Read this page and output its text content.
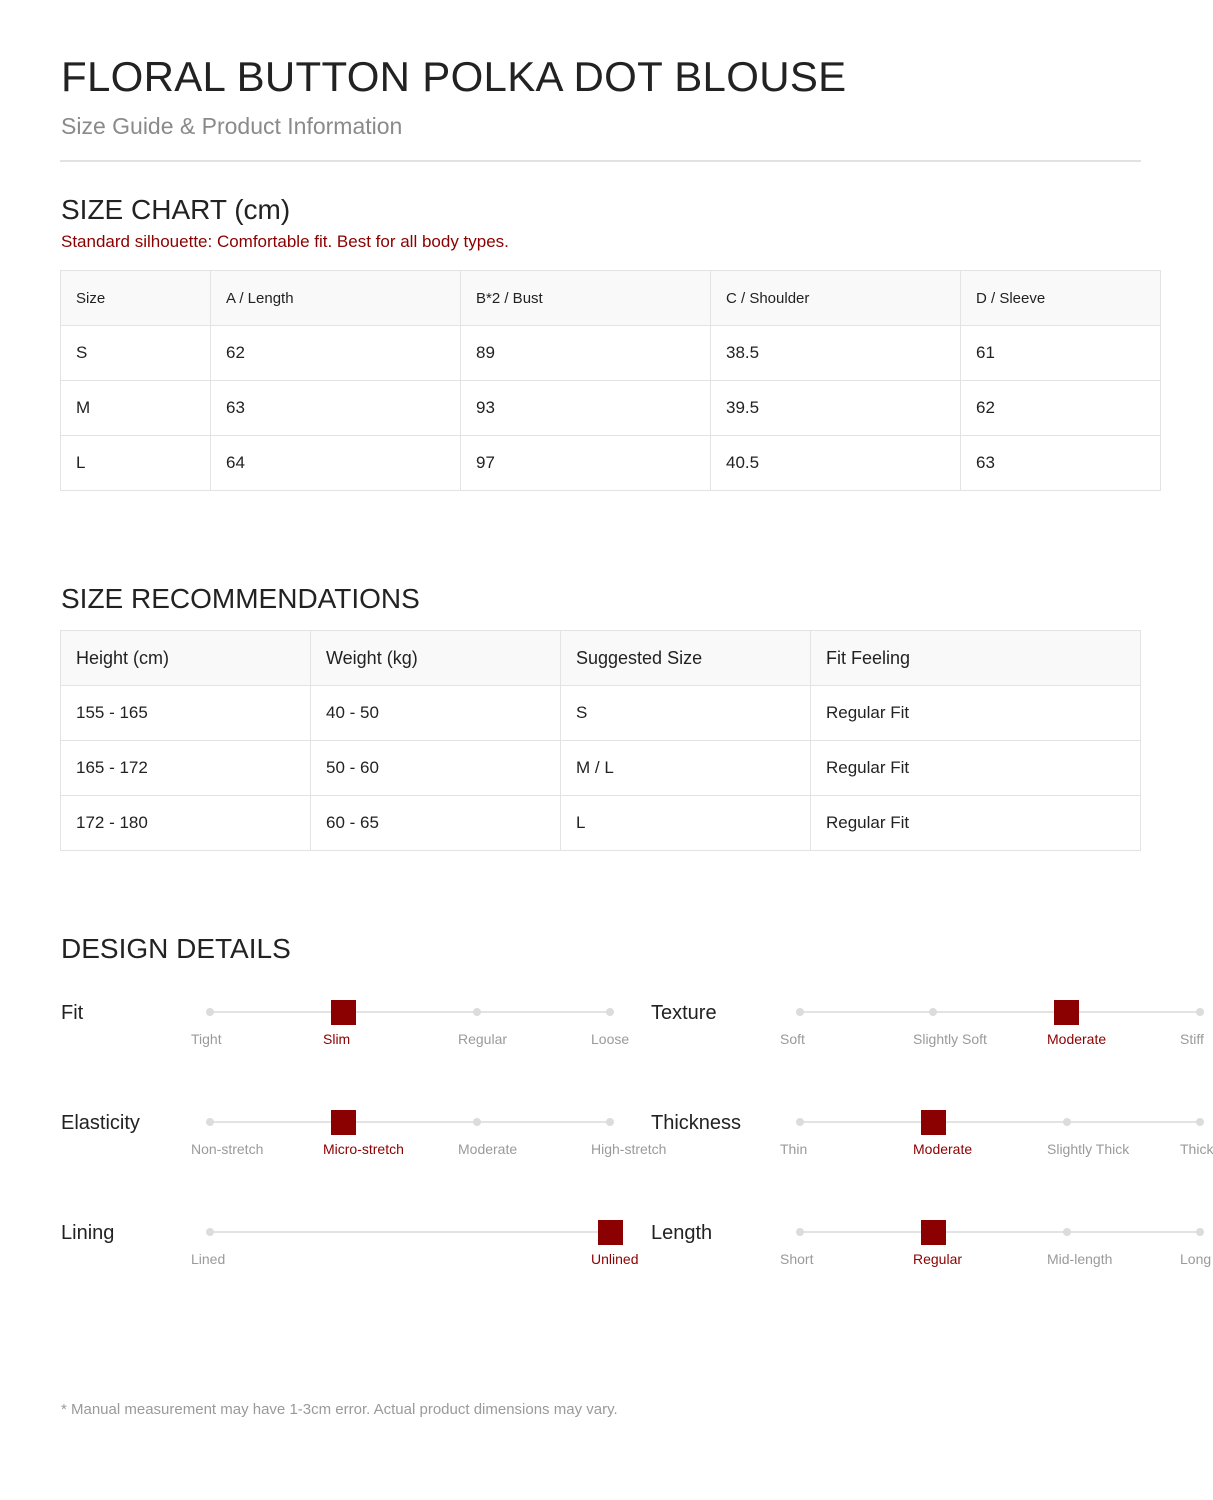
FLORAL BUTTON POLKA DOT BLOUSE

Size Guide & Product Information

SIZE CHART (cm)

Standard silhouette: Comfortable fit. Best for all body types.

Size	A / Length	B*2 / Bust	C / Shoulder	D / Sleeve
S	62	89	38.5	61
M	63	93	39.5	62
L	64	97	40.5	63
SIZE RECOMMENDATIONS
Height (cm)	Weight (kg)	Suggested Size	Fit Feeling
155 - 165	40 - 50	S	Regular Fit
165 - 172	50 - 60	M / L	Regular Fit
172 - 180	60 - 65	L	Regular Fit
DESIGN DETAILS
Fit
Tight	Slim	Regular	Loose
Texture
Soft	Slightly Soft	Moderate	Stiff
Elasticity
Non-stretch	Micro-stretch	Moderate	High-stretch
Thickness
Thin	Moderate	Slightly Thick	Thick
Lining
Lined	Unlined
Length
Short	Regular	Mid-length	Long

* Manual measurement may have 1-3cm error. Actual product dimensions may vary.
